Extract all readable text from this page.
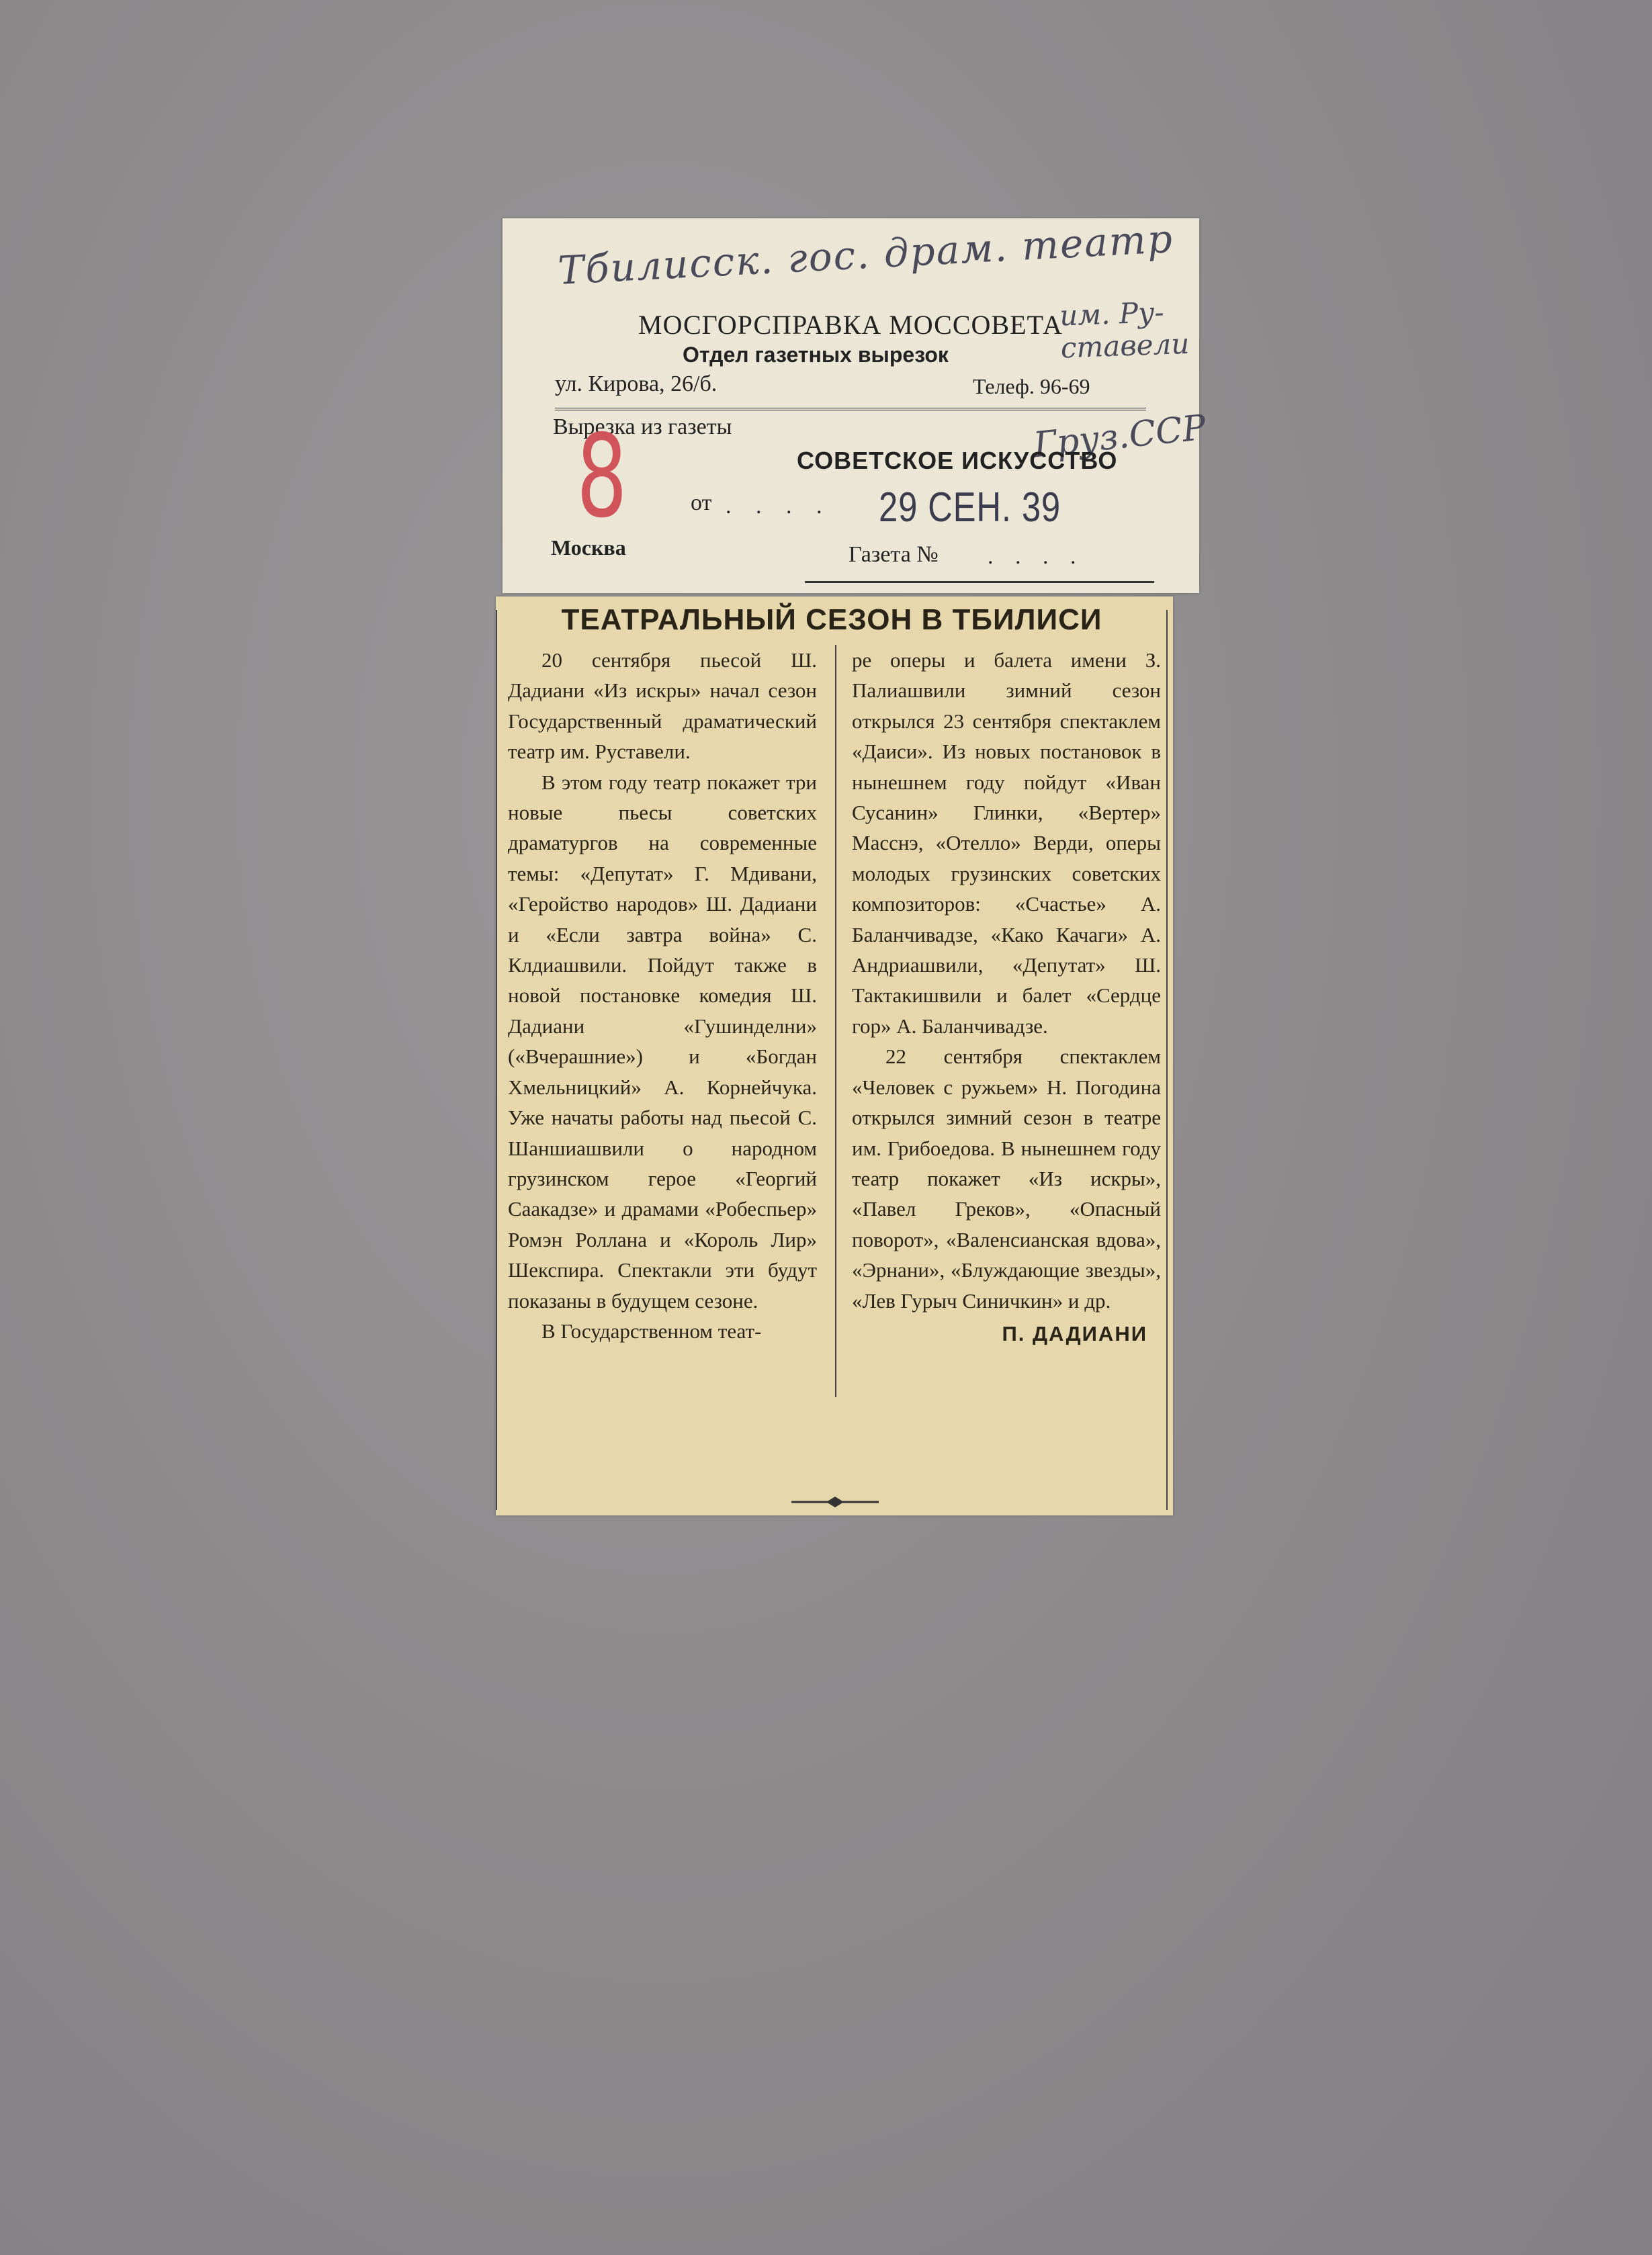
Тбилисск. гос. драм. театр
им. Ру-
ставели
МОСГОРСПРАВКА МОССОВЕТА
Отдел газетных вырезок
ул. Кирова, 26/б.	Телеф. 96-69
Вырезка из газеты	Груз.ССР
СОВЕТСКОЕ ИСКУССТВО
от . . . . 29 СЕН. 39
8
Москва	Газета № . . . .
ТЕАТРАЛЬНЫЙ СЕЗОН В ТБИЛИСИ

20 сентября пьесой Ш. Дадиани «Из искры» начал сезон Государственный драматический театр им. Руставели.

В этом году театр покажет три новые пьесы советских драматургов на современные темы: «Депутат» Г. Мдивани, «Геройство народов» Ш. Дадиани и «Если завтра война» С. Клдиашвили. Пойдут также в новой постановке комедия Ш. Дадиани «Гушинделни» («Вчерашние») и «Богдан Хмельницкий» А. Корнейчука. Уже начаты работы над пьесой С. Шаншиашвили о народном грузинском герое «Георгий Саакадзе» и драмами «Робеспьер» Ромэн Роллана и «Король Лир» Шекспира. Спектакли эти будут показаны в будущем сезоне.

В Государственном теат-

ре оперы и балета имени З. Палиашвили зимний сезон открылся 23 сентября спектаклем «Даиси». Из новых постановок в нынешнем году пойдут «Иван Сусанин» Глинки, «Вертер» Масснэ, «Отелло» Верди, оперы молодых грузинских советских композиторов: «Счастье» А. Баланчивадзе, «Како Качаги» А. Андриашвили, «Депутат» Ш. Тактакишвили и балет «Сердце гор» А. Баланчивадзе.

22 сентября спектаклем «Человек с ружьем» Н. Погодина открылся зимний сезон в театре им. Грибоедова. В нынешнем году театр покажет «Из искры», «Павел Греков», «Опасный поворот», «Валенсианская вдова», «Эрнани», «Блуждающие звезды», «Лев Гурыч Синичкин» и др.

П. ДАДИАНИ
